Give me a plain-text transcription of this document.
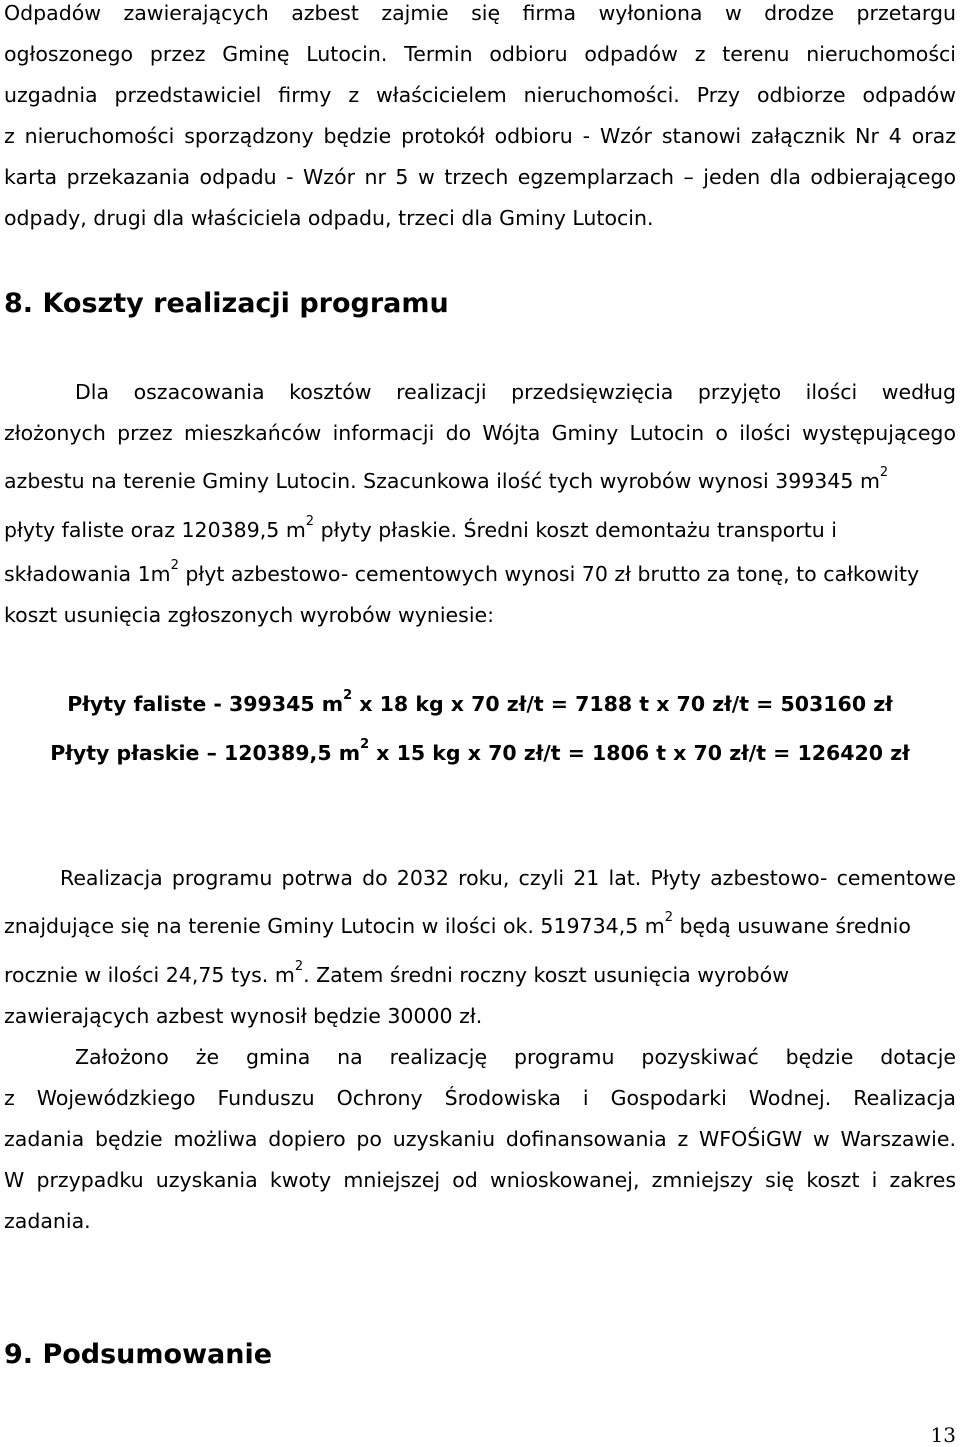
Odpadów zawierających azbest zajmie się firma wyłoniona w drodze przetargu
ogłoszonego przez Gminę Lutocin. Termin odbioru odpadów z terenu nieruchomości
uzgadnia przedstawiciel firmy z właścicielem nieruchomości. Przy odbiorze odpadów
z nieruchomości sporządzony będzie protokół odbioru - Wzór stanowi załącznik Nr 4 oraz
karta przekazania odpadu - Wzór nr 5 w trzech egzemplarzach – jeden dla odbierającego
odpady, drugi dla właściciela odpadu, trzeci dla Gminy Lutocin.
8. Koszty realizacji programu
Dla oszacowania kosztów realizacji przedsięwzięcia przyjęto ilości według
złożonych przez mieszkańców informacji do Wójta Gminy Lutocin o ilości występującego
azbestu na terenie Gminy Lutocin. Szacunkowa ilość tych wyrobów wynosi 399345 $m^2$
płyty faliste oraz 120389,5 $m^2$ płyty płaskie. Średni koszt demontażu transportu i
składowania $1m^2$ płyt azbestowo- cementowych wynosi 70 zł brutto za tonę, to całkowity
koszt usunięcia zgłoszonych wyrobów wyniesie:
Płyty faliste - 399345 $m^2$ x 18 kg x 70 zł/t = 7188 t x 70 zł/t = 503160 zł
Płyty płaskie – 120389,5 $m^2$ x 15 kg x 70 zł/t = 1806 t x 70 zł/t = 126420 zł
Realizacja programu potrwa do 2032 roku, czyli 21 lat. Płyty azbestowo- cementowe
znajdujące się na terenie Gminy Lutocin w ilości ok. 519734,5 $m^2$ będą usuwane średnio
rocznie w ilości 24,75 tys. $m^2$. Zatem średni roczny koszt usunięcia wyrobów
zawierających azbest wynosił będzie 30000 zł.
Założono że gmina na realizację programu pozyskiwać będzie dotacje
z Wojewódzkiego Funduszu Ochrony Środowiska i Gospodarki Wodnej. Realizacja
zadania będzie możliwa dopiero po uzyskaniu dofinansowania z WFOŚiGW w Warszawie.
W przypadku uzyskania kwoty mniejszej od wnioskowanej, zmniejszy się koszt i zakres
zadania.
9. Podsumowanie
13
